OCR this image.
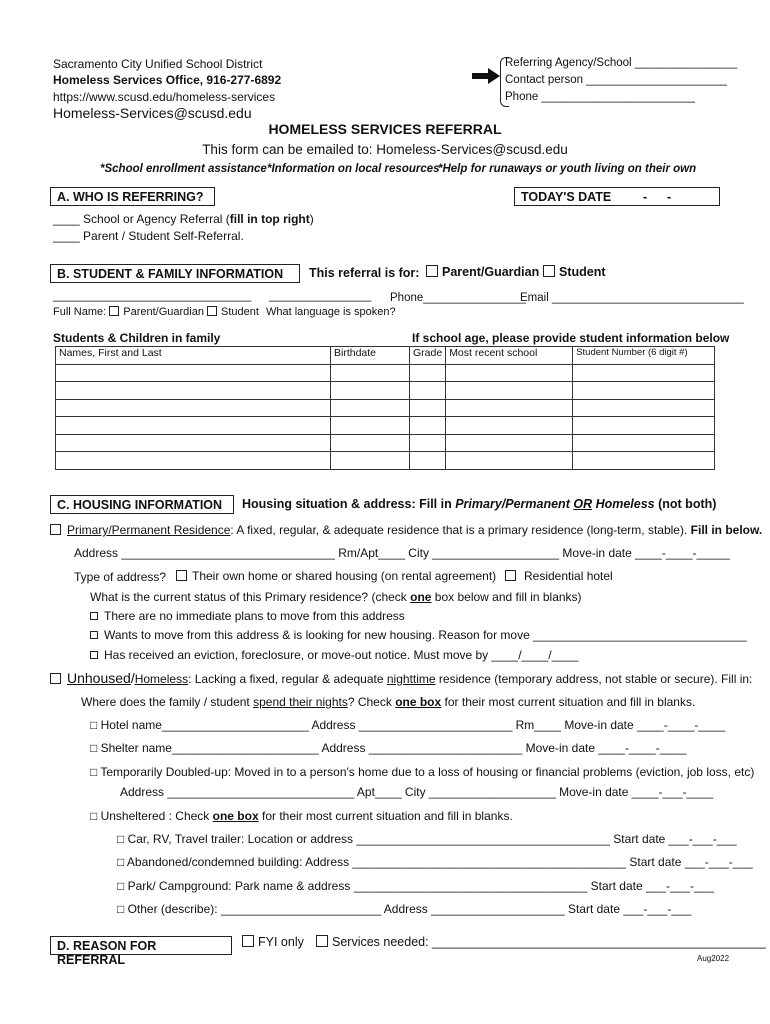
Sacramento City Unified School District
Homeless Services Office, 916-277-6892
https://www.scusd.edu/homeless-services
Homeless-Services@scusd.edu
Referring Agency/School ________________
Contact person ______________________
Phone ________________________
HOMELESS SERVICES REFERRAL
This form can be emailed to: Homeless-Services@scusd.edu
*School enrollment assistance *Information on local resources
*Help for runaways or youth living on their own
A. WHO IS REFERRING?	TODAY'S DATE	- -
____ School or Agency Referral (fill in top right)
____ Parent / Student Self-Referral.
B. STUDENT & FAMILY INFORMATION	This referral is for:	Parent/Guardian	Student
_______________________________ ________________ Phone________________
Email ______________________________
Full Name: Parent/Guardian Student What language is spoken?
Students & Children in family	If school age, please provide student information below
Names, First and Last	Birthdate	Grade	Most recent school	Student Number (6 digit #)

C. HOUSING INFORMATION	Housing situation & address: Fill in Primary/Permanent OR Homeless (not both)
Primary/Permanent Residence: A fixed, regular, & adequate residence that is a primary residence (long-term, stable). Fill in below.
Address ________________________________ Rm/Apt____ City ___________________ Move-in date ____-____-_____
Type of address?	Their own home or shared housing (on rental agreement)	Residential hotel
What is the current status of this Primary residence? (check one box below and fill in blanks)
There are no immediate plans to move from this address
Wants to move from this address & is looking for new housing. Reason for move ________________________________
Has received an eviction, foreclosure, or move-out notice. Must move by ____/____/____
Unhoused/Homeless: Lacking a fixed, regular & adequate nighttime residence (temporary address, not stable or secure). Fill in:
Where does the family / student spend their nights? Check one box for their most current situation and fill in blanks.
□ Hotel name______________________ Address _______________________ Rm____ Move-in date ____-____-____
□ Shelter name______________________ Address _______________________ Move-in date ____-____-____
□ Temporarily Doubled-up: Moved in to a person's home due to a loss of housing or financial problems (eviction, job loss, etc)
Address ____________________________ Apt____ City ___________________ Move-in date ____-___-____
□ Unsheltered : Check one box for their most current situation and fill in blanks.
□ Car, RV, Travel trailer: Location or address ______________________________________ Start date ___-___-___
□ Abandoned/condemned building: Address _________________________________________ Start date ___-___-___
□ Park/ Campground: Park name & address ___________________________________ Start date ___-___-___
□ Other (describe): ________________________ Address ____________________ Start date ___-___-___
D. REASON FOR REFERRAL
FYI only	Services needed: ________________________________________________
Aug2022
